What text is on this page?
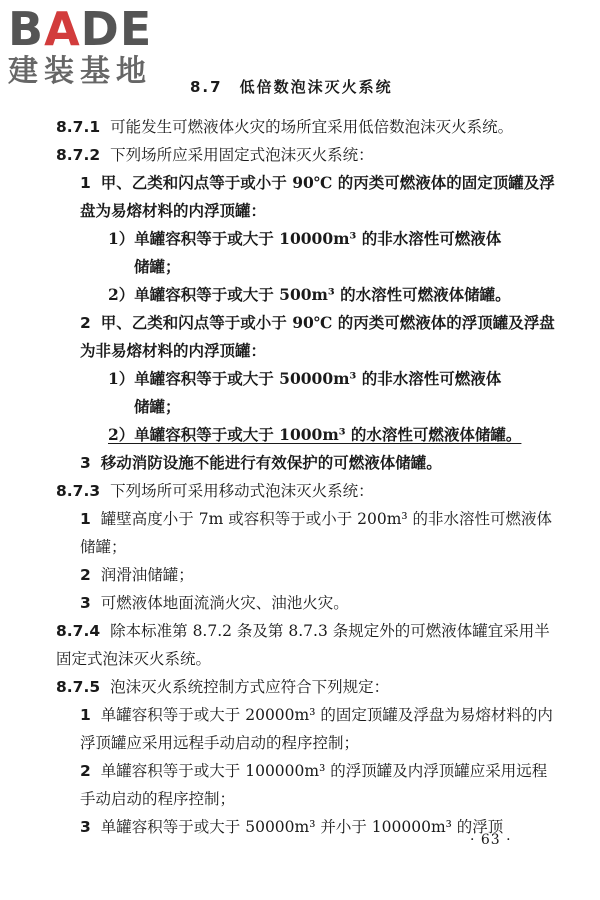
BADE
建装基地	8.7　低倍数泡沫灭火系统

8.7.1 可能发生可燃液体火灾的场所宜采用低倍数泡沫灭火系统。

8.7.2 下列场所应采用固定式泡沫灭火系统：

1 甲、乙类和闪点等于或小于 90℃ 的丙类可燃液体的固定顶罐及浮盘为易熔材料的内浮顶罐：

1）单罐容积等于或大于 10000m³ 的非水溶性可燃液体

储罐；

2）单罐容积等于或大于 500m³ 的水溶性可燃液体储罐。

2 甲、乙类和闪点等于或小于 90℃ 的丙类可燃液体的浮顶罐及浮盘为非易熔材料的内浮顶罐：

1）单罐容积等于或大于 50000m³ 的非水溶性可燃液体

储罐；

2）单罐容积等于或大于 1000m³ 的水溶性可燃液体储罐。

3 移动消防设施不能进行有效保护的可燃液体储罐。

8.7.3 下列场所可采用移动式泡沫灭火系统：

1 罐壁高度小于 7m 或容积等于或小于 200m³ 的非水溶性可燃液体储罐；

2 润滑油储罐；

3 可燃液体地面流淌火灾、油池火灾。

8.7.4 除本标准第 8.7.2 条及第 8.7.3 条规定外的可燃液体罐宜采用半固定式泡沫灭火系统。

8.7.5 泡沫灭火系统控制方式应符合下列规定：

1 单罐容积等于或大于 20000m³ 的固定顶罐及浮盘为易熔材料的内浮顶罐应采用远程手动启动的程序控制；

2 单罐容积等于或大于 100000m³ 的浮顶罐及内浮顶罐应采用远程手动启动的程序控制；

3 单罐容积等于或大于 50000m³ 并小于 100000m³ 的浮顶

· 63 ·
